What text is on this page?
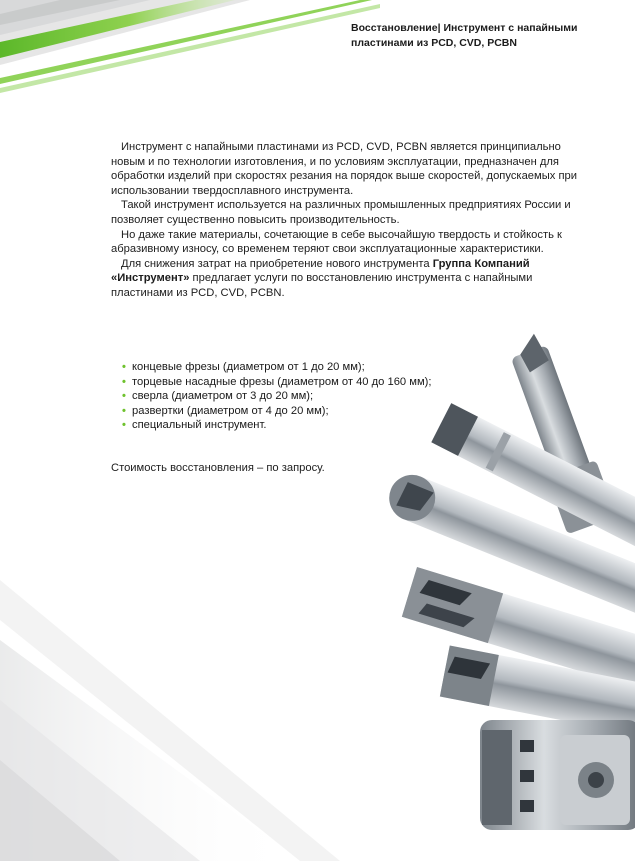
Восстановление| Инструмент с напайными
пластинами из PCD, CVD, PCBN

Инструмент с напайными пластинами из PCD, CVD, PCBN является принципиально новым и по технологии изготовления, и по условиям эксплуатации, предназначен для обработки изделий при скоростях резания на порядок выше скоростей, допускаемых при использовании твердосплавного инструмента.

Такой инструмент используется на различных промышленных предприятиях России и позволяет существенно повысить производительность.

Но даже такие материалы, сочетающие в себе высочайшую твердость и стойкость к абразивному износу, со временем теряют свои эксплуатационные характеристики.

Для снижения затрат на приобретение нового инструмента Группа Компаний «Инструмент» предлагает услуги по восстановлению инструмента с напайными пластинами из PCD, CVD, PCBN.

• концевые фрезы (диаметром от 1 до 20 мм);
• торцевые насадные фрезы (диаметром от 40 до 160 мм);
• сверла (диаметром от 3 до 20 мм);
• развертки (диаметром от 4 до 20 мм);
• специальный инструмент.
Стоимость восстановления – по запросу.
